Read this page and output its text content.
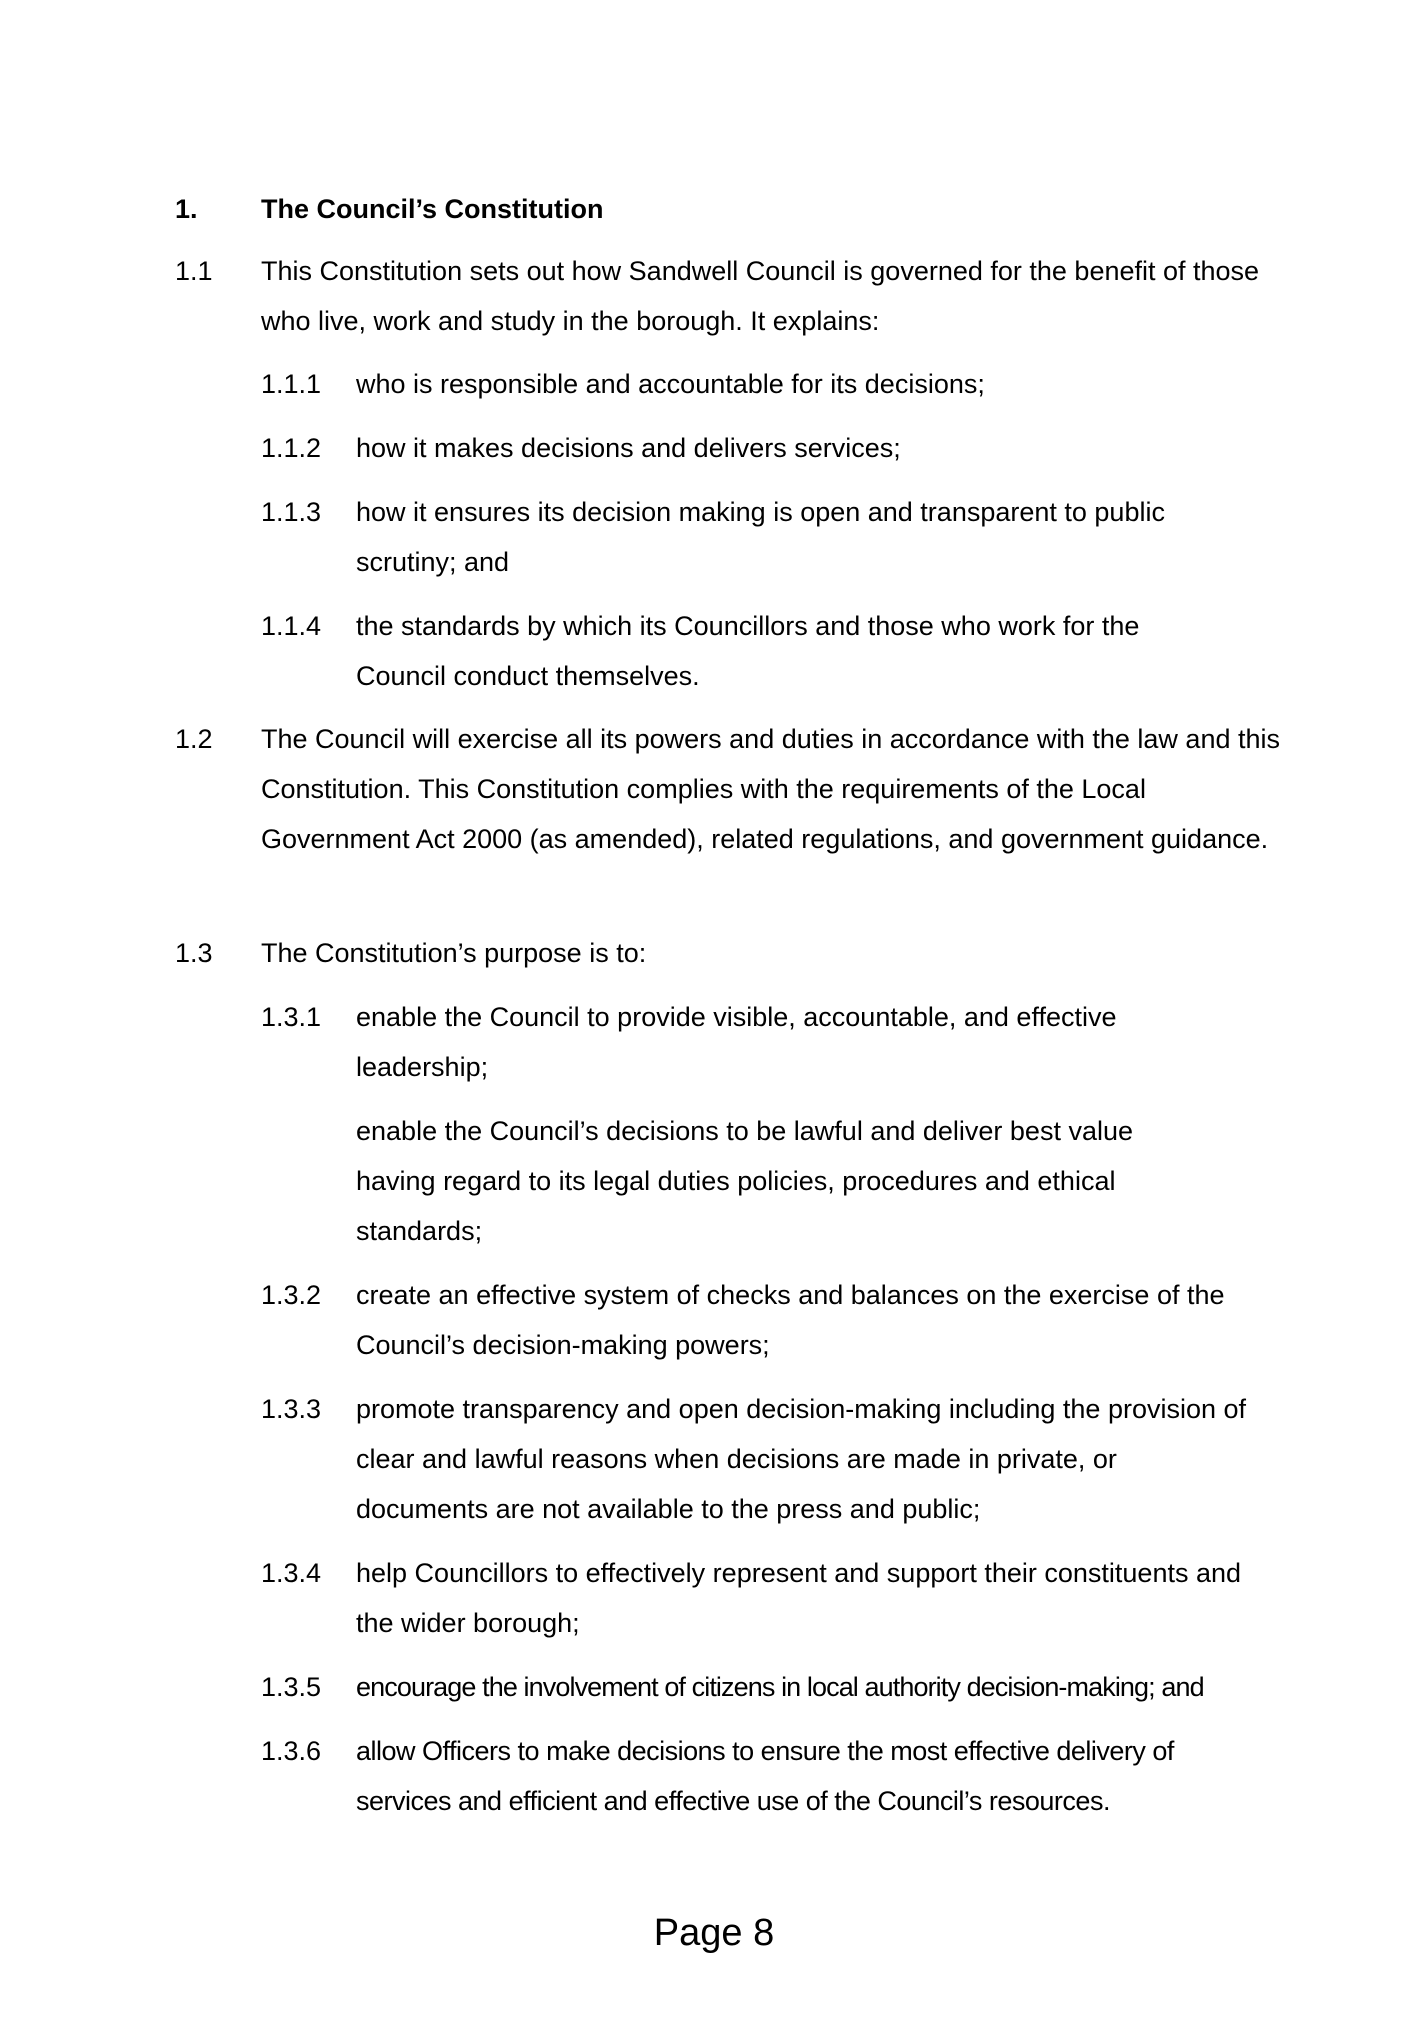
1. The Council’s Constitution
1.1 This Constitution sets out how Sandwell Council is governed for the benefit of those who live, work and study in the borough. It explains:
1.1.1 who is responsible and accountable for its decisions;
1.1.2 how it makes decisions and delivers services;
1.1.3 how it ensures its decision making is open and transparent to public scrutiny; and
1.1.4 the standards by which its Councillors and those who work for the Council conduct themselves.
1.2 The Council will exercise all its powers and duties in accordance with the law and this Constitution. This Constitution complies with the requirements of the Local Government Act 2000 (as amended), related regulations, and government guidance.
1.3 The Constitution’s purpose is to:
1.3.1 enable the Council to provide visible, accountable, and effective leadership;
enable the Council’s decisions to be lawful and deliver best value having regard to its legal duties policies, procedures and ethical standards;
1.3.2 create an effective system of checks and balances on the exercise of the Council’s decision-making powers;
1.3.3 promote transparency and open decision-making including the provision of clear and lawful reasons when decisions are made in private, or documents are not available to the press and public;
1.3.4 help Councillors to effectively represent and support their constituents and the wider borough;
1.3.5 encourage the involvement of citizens in local authority decision-making; and
1.3.6 allow Officers to make decisions to ensure the most effective delivery of services and efficient and effective use of the Council’s resources.
Page 8
